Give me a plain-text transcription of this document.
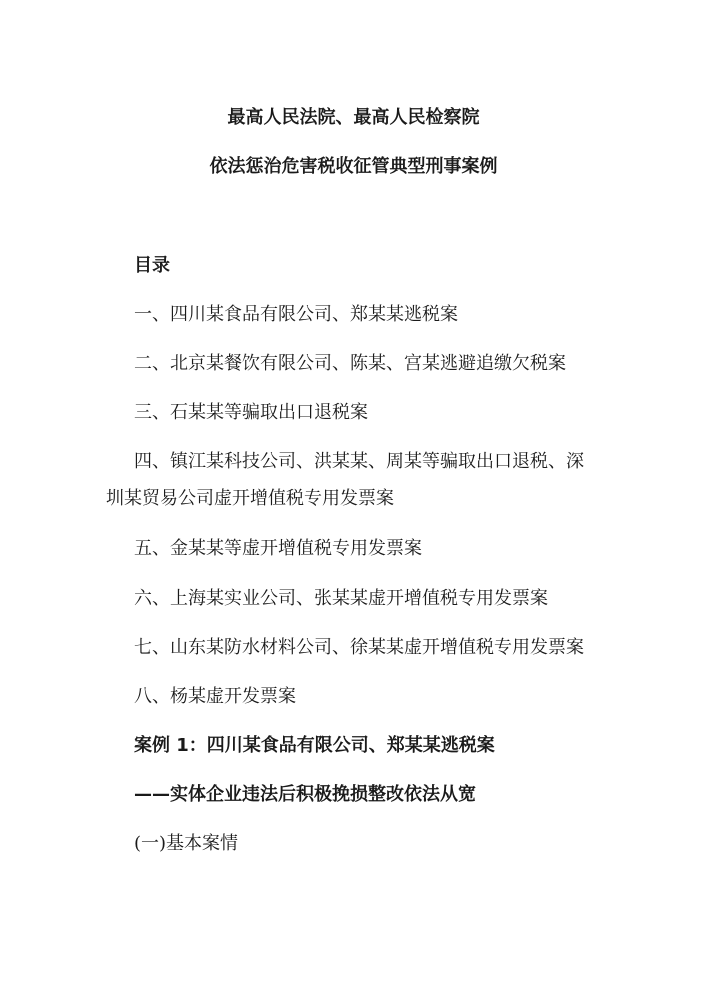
最高人民法院、最高人民检察院
依法惩治危害税收征管典型刑事案例
目录
一、四川某食品有限公司、郑某某逃税案
二、北京某餐饮有限公司、陈某、宫某逃避追缴欠税案
三、石某某等骗取出口退税案
四、镇江某科技公司、洪某某、周某等骗取出口退税、深
圳某贸易公司虚开增值税专用发票案
五、金某某等虚开增值税专用发票案
六、上海某实业公司、张某某虚开增值税专用发票案
七、山东某防水材料公司、徐某某虚开增值税专用发票案
八、杨某虚开发票案
案例 1：四川某食品有限公司、郑某某逃税案
——实体企业违法后积极挽损整改依法从宽
(一)基本案情
